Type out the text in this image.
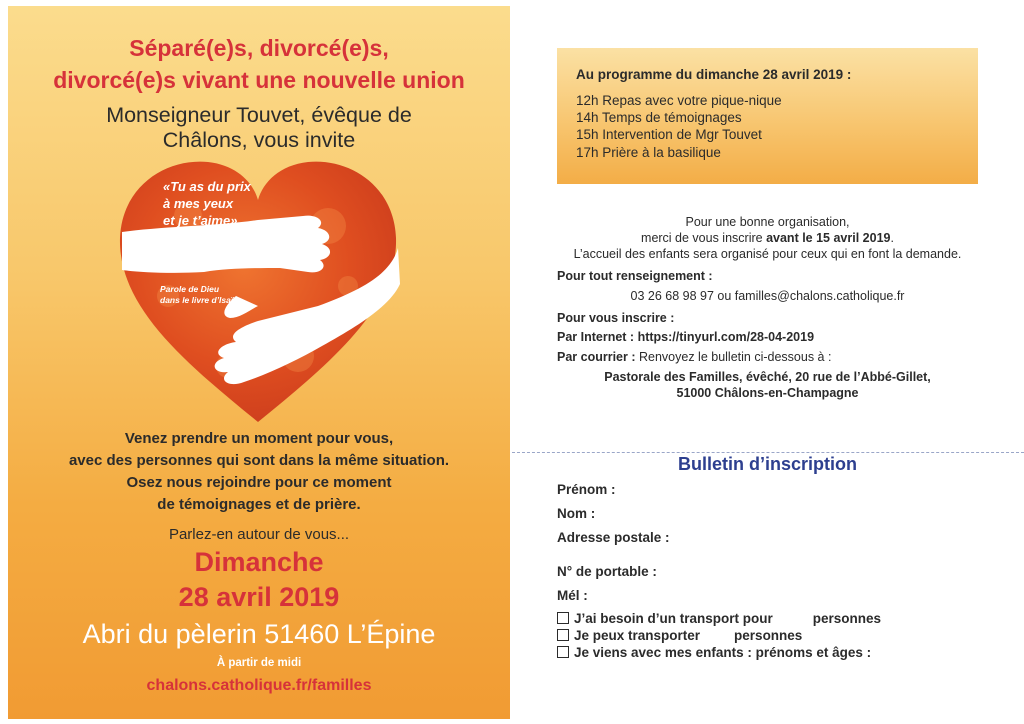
Séparé(e)s, divorcé(e)s,
divorcé(e)s vivant une nouvelle union
Monseigneur Touvet, évêque de
Châlons, vous invite
«Tu as du prix
à mes yeux
et je t’aime»
Parole de Dieu
dans le livre d’Isaïe
Venez prendre un moment pour vous,
avec des personnes qui sont dans la même situation.
Osez nous rejoindre pour ce moment
de témoignages et de prière.
Parlez-en autour de vous...
Dimanche
28 avril 2019
Abri du pèlerin 51460 L’Épine
À partir de midi
chalons.catholique.fr/familles
Au programme du dimanche 28 avril 2019 :
12h Repas avec votre pique-nique
14h Temps de témoignages
15h Intervention de Mgr Touvet
17h Prière à la basilique
Pour une bonne organisation,
merci de vous inscrire avant le 15 avril 2019.
L’accueil des enfants sera organisé pour ceux qui en font la demande.
Pour tout renseignement :
03 26 68 98 97 ou familles@chalons.catholique.fr
Pour vous inscrire :
Par Internet : https://tinyurl.com/28-04-2019
Par courrier : Renvoyez le bulletin ci-dessous à :
Pastorale des Familles, évêché, 20 rue de l’Abbé-Gillet,
51000 Châlons-en-Champagne
Bulletin d’inscription
Prénom :
Nom :
Adresse postale :
N° de portable :
Mél :
J’ai besoin d’un transport pour	personnes
Je peux transporter	personnes
Je viens avec mes enfants : prénoms et âges :
